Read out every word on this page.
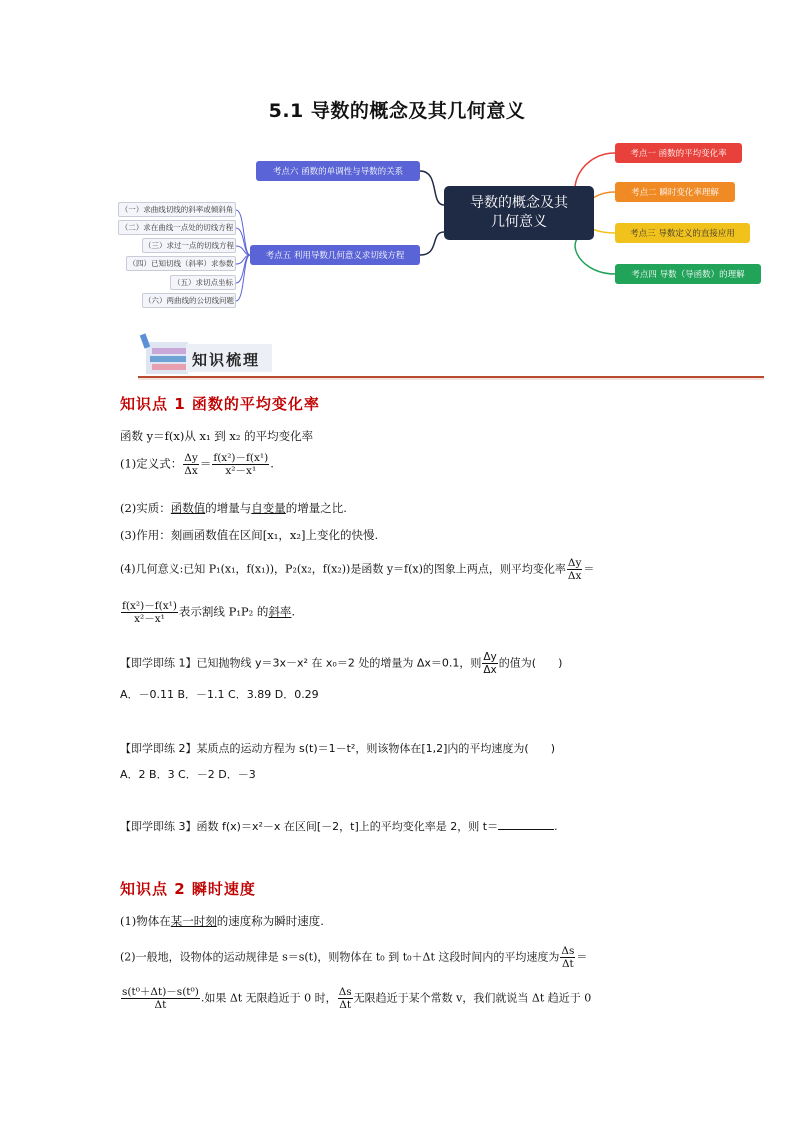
5.1 导数的概念及其几何意义
导数的概念及其
几何意义
考点一 函数的平均变化率
考点二 瞬时变化率理解
考点三 导数定义的直接应用
考点四 导数（导函数）的理解
考点六 函数的单调性与导数的关系
考点五 利用导数几何意义求切线方程
（一）求曲线切线的斜率或倾斜角
（二）求在曲线一点处的切线方程
（三）求过一点的切线方程
（四）已知切线（斜率）求参数
（五）求切点坐标
（六）两曲线的公切线问题
知识梳理
知识点 1 函数的平均变化率
函数 y＝f(x)从 x₁ 到 x₂ 的平均变化率
(1)定义式： $\frac{\Delta y}{\Delta x} = \frac{\text{f(x²)－f(x¹)}}{\text{x²－x¹}}$ .
(2)实质：函数值的增量与自变量的增量之比.
(3)作用：刻画函数值在区间[x₁，x₂]上变化的快慢.
(4)几何意义:已知 P₁(x₁，f(x₁))，P₂(x₂，f(x₂))是函数 y＝f(x)的图象上两点，则平均变化率 $\frac{\Delta y}{\Delta x}$ ＝
$\frac{\text{f(x²)－f(x¹)}}{\text{x²－x¹}}$ 表示割线 P₁P₂ 的斜率.
【即学即练 1】已知抛物线 y＝3x－x² 在 x₀＝2 处的增量为 Δx＝0.1，则 $\frac{\Delta y}{\Delta x}$ 的值为(　　)
A．－0.11 B．－1.1 C．3.89 D．0.29
【即学即练 2】某质点的运动方程为 s(t)＝1－t²，则该物体在[1,2]内的平均速度为(　　)
A．2 B．3 C．－2 D．－3
【即学即练 3】函数 f(x)＝x²－x 在区间[－2，t]上的平均变化率是 2，则 t＝	.
知识点 2 瞬时速度
(1)物体在某一时刻的速度称为瞬时速度.
(2)一般地，设物体的运动规律是 s＝s(t)，则物体在 t₀ 到 t₀＋Δt 这段时间内的平均速度为 $\frac{\Delta s}{\Delta t}$ ＝
$\frac{\text{s(t⁰＋Δt)－s(t⁰)}}{\Delta t}$ .如果 Δt 无限趋近于 0 时， $\frac{\Delta s}{\Delta t}$ 无限趋近于某个常数 v，我们就说当 Δt 趋近于 0
